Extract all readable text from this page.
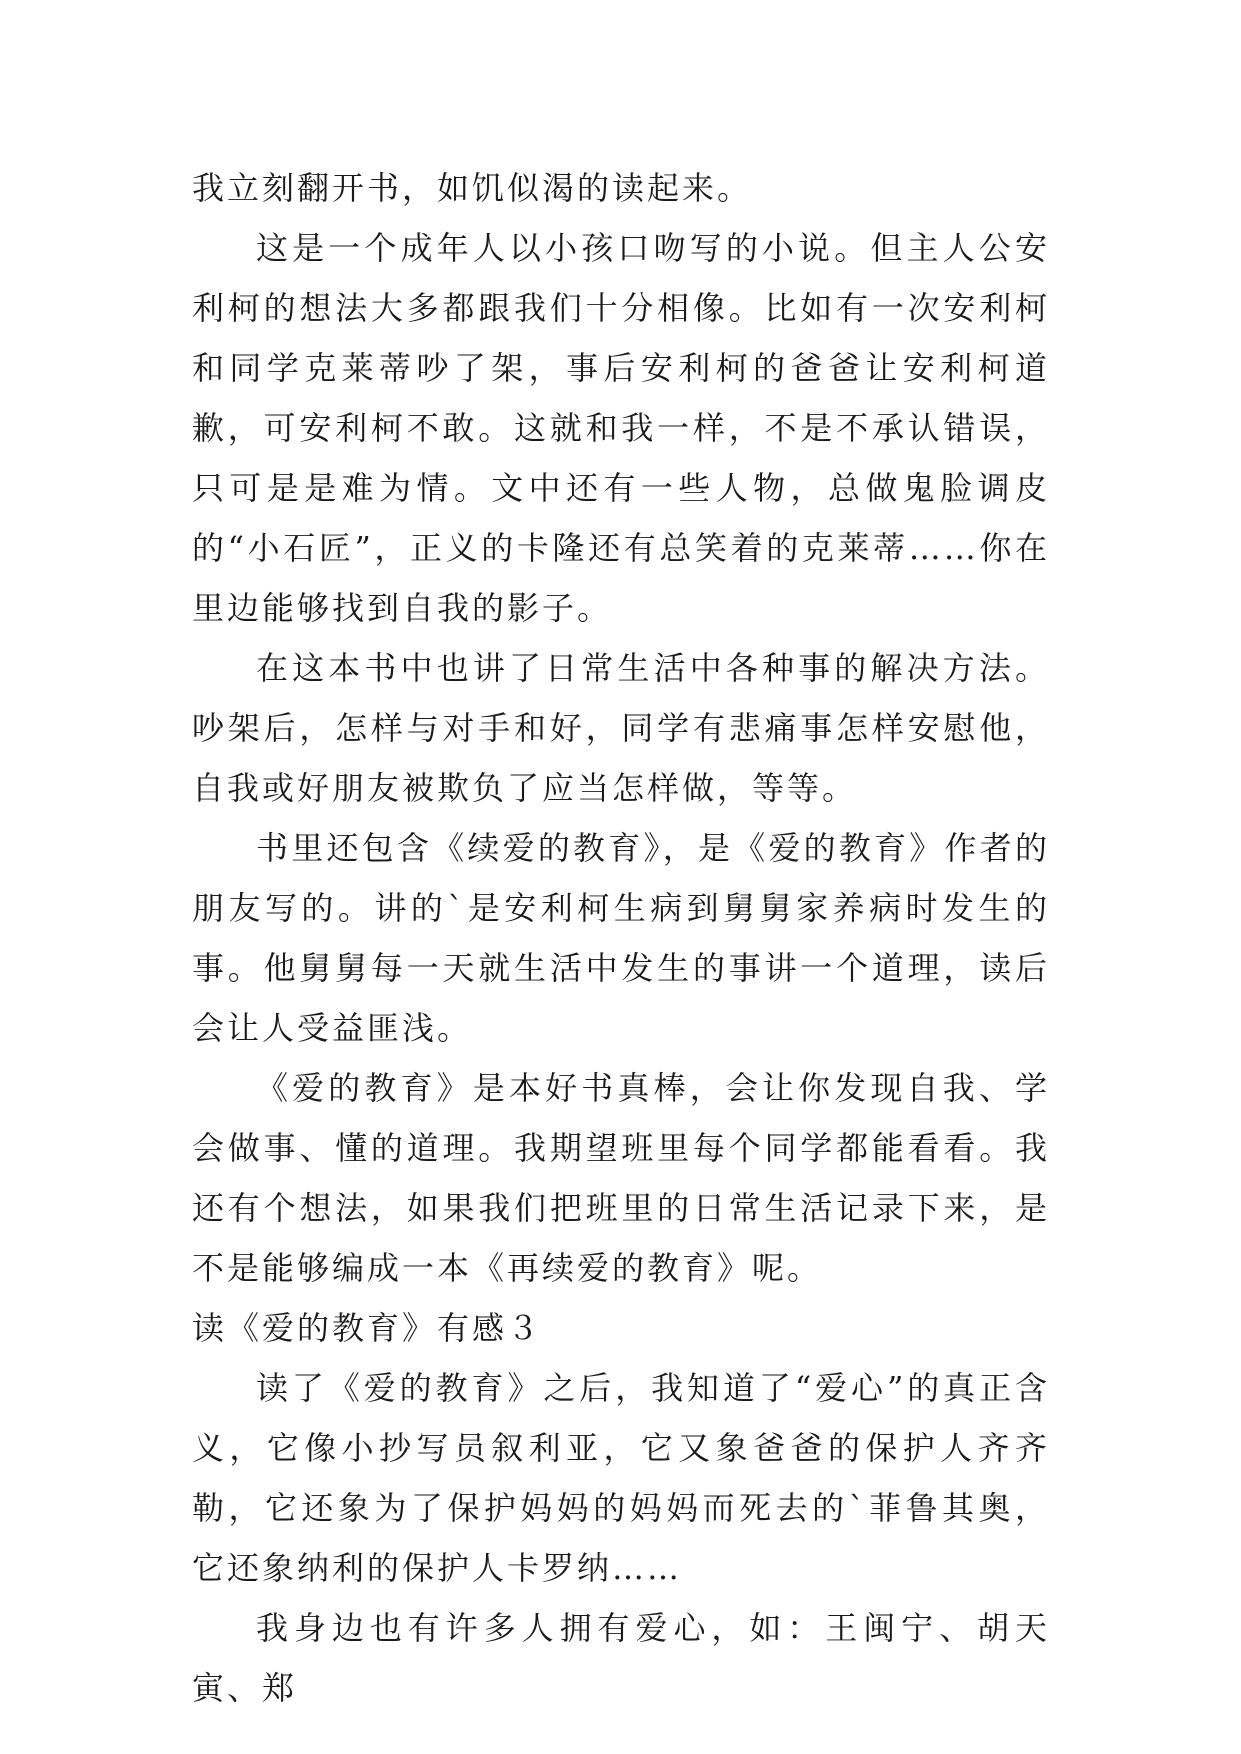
我立刻翻开书，如饥似渴的读起来。

这是一个成年人以小孩口吻写的小说。但主人公安利柯的想法大多都跟我们十分相像。比如有一次安利柯和同学克莱蒂吵了架，事后安利柯的爸爸让安利柯道歉，可安利柯不敢。这就和我一样，不是不承认错误，只可是是难为情。文中还有一些人物，总做鬼脸调皮的“小石匠”，正义的卡隆还有总笑着的克莱蒂……你在里边能够找到自我的影子。

在这本书中也讲了日常生活中各种事的解决方法。吵架后，怎样与对手和好，同学有悲痛事怎样安慰他，自我或好朋友被欺负了应当怎样做，等等。

书里还包含《续爱的教育》，是《爱的教育》作者的朋友写的。讲的`是安利柯生病到舅舅家养病时发生的事。他舅舅每一天就生活中发生的事讲一个道理，读后会让人受益匪浅。

《爱的教育》是本好书真棒，会让你发现自我、学会做事、懂的道理。我期望班里每个同学都能看看。我还有个想法，如果我们把班里的日常生活记录下来，是不是能够编成一本《再续爱的教育》呢。

读《爱的教育》有感３

读了《爱的教育》之后，我知道了“爱心”的真正含义，它像小抄写员叙利亚，它又象爸爸的保护人齐齐勒，它还象为了保护妈妈的妈妈而死去的`菲鲁其奥，它还象纳利的保护人卡罗纳……

我身边也有许多人拥有爱心，如：王闽宁、胡天寅、郑
